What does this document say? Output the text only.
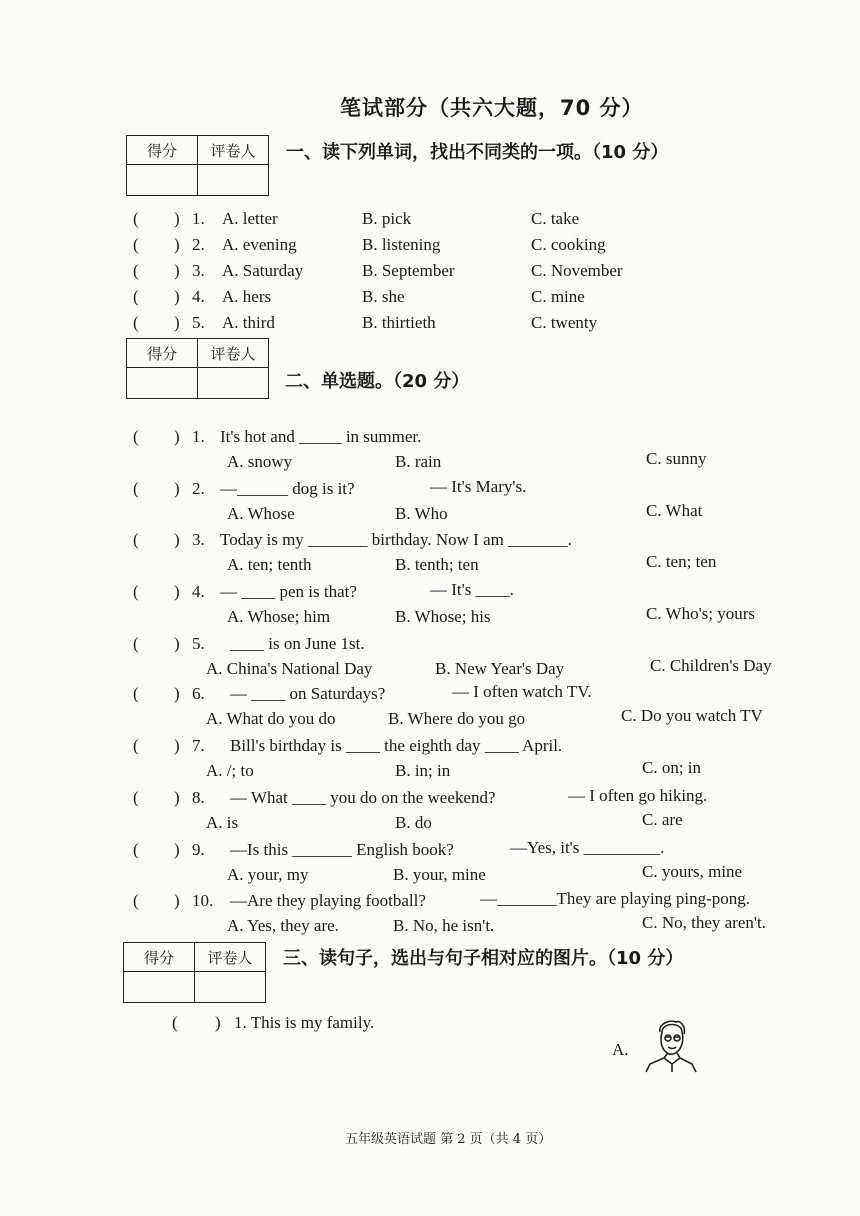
笔试部分（共六大题，70 分）
得分	评卷人
	一、读下列单词，找出不同类的一项。（10 分）
( ) 1. A. letter	B. pick	C. take
( ) 2. A. evening	B. listening	C. cooking
( ) 3. A. Saturday	B. September	C. November
( ) 4. A. hers	B. she	C. mine
( ) 5. A. third	B. thirtieth	C. twenty
得分	评卷人

二、单选题。（20 分）
( ) 1. It's hot and _____ in summer.
A. snowy	B. rain	C. sunny
( ) 2. —______ dog is it?	— It's Mary's.
A. Whose	B. Who	C. What
( ) 3. Today is my _______ birthday. Now I am _______.
A. ten; tenth	B. tenth; ten	C. ten; ten
( ) 4. — ____ pen is that?	— It's ____.
A. Whose; him	B. Whose; his	C. Who's; yours
( ) 5. ____ is on June 1st.
A. China's National Day	B. New Year's Day	C. Children's Day
( ) 6. — ____ on Saturdays?	— I often watch TV.
A. What do you do	B. Where do you go	C. Do you watch TV
( ) 7. Bill's birthday is ____ the eighth day ____ April.
A. /; to	B. in; in	C. on; in
( ) 8. — What ____ you do on the weekend?	— I often go hiking.
A. is	B. do	C. are
( ) 9. —Is this _______ English book?	—Yes, it's _________.
A. your, my	B. your, mine	C. yours, mine
( ) 10. —Are they playing football?	—_______They are playing ping-pong.
A. Yes, they are.	B. No, he isn't.	C. No, they aren't.
得分	评卷人
	三、读句子，选出与句子相对应的图片。（10 分）
( ) 1. This is my family.
A.
五年级英语试题 第 2 页（共 4 页）
